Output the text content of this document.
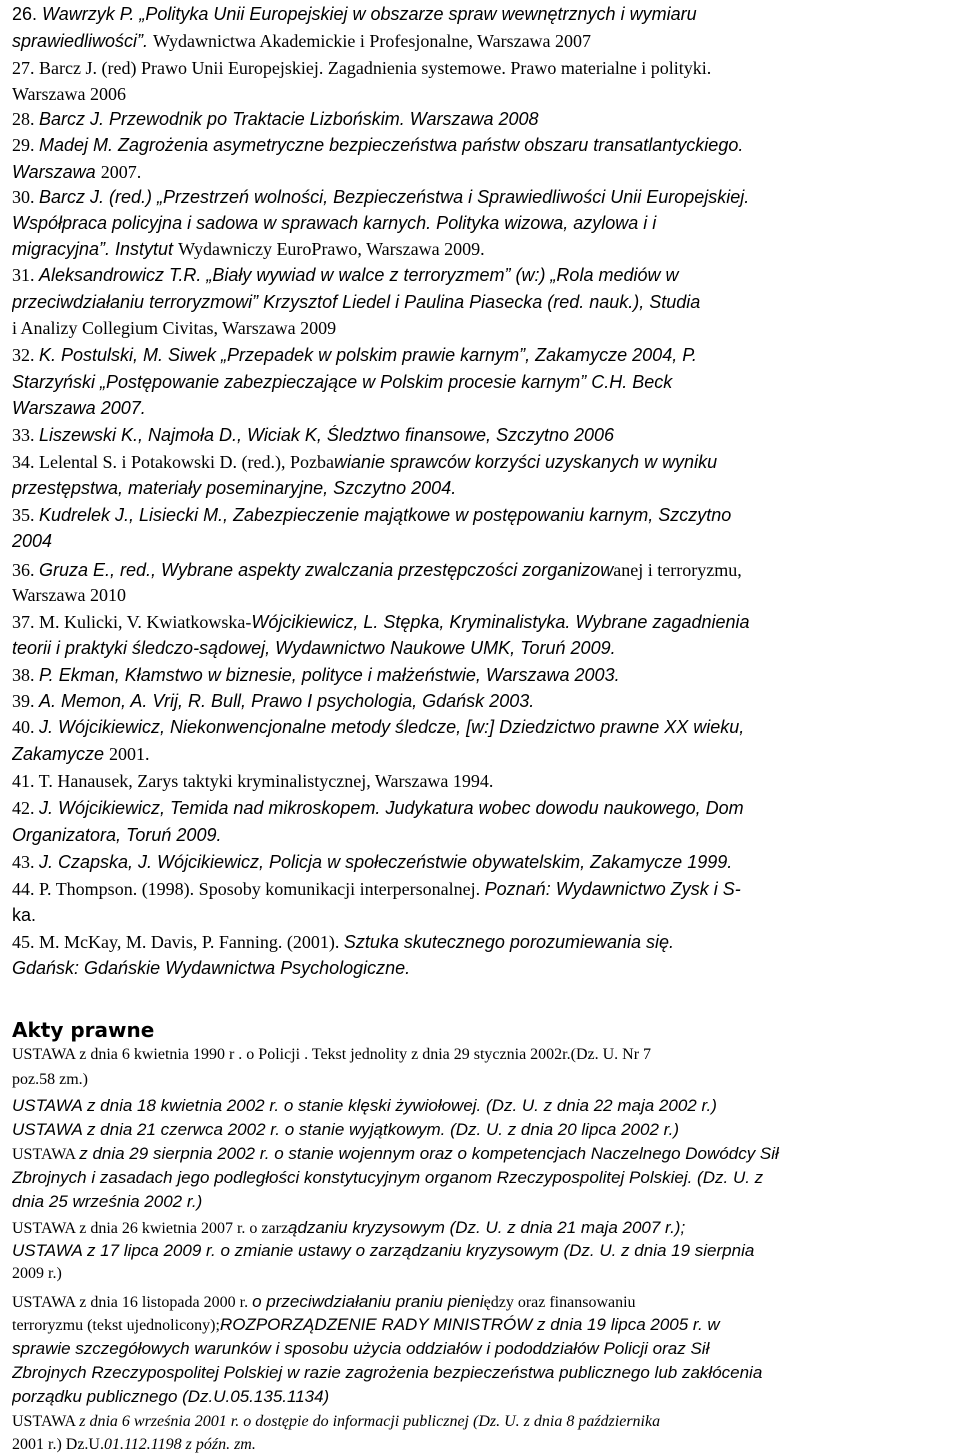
26. Wawrzyk P. „Polityka Unii Europejskiej w obszarze spraw wewnętrznych i wymiaru
sprawiedliwości”. Wydawnictwa Akademickie i Profesjonalne, Warszawa 2007
27. Barcz J. (red) Prawo Unii Europejskiej. Zagadnienia systemowe. Prawo materialne i polityki.
Warszawa 2006
28. Barcz J. Przewodnik po Traktacie Lizbońskim. Warszawa 2008
29. Madej M. Zagrożenia asymetryczne bezpieczeństwa państw obszaru transatlantyckiego.
Warszawa 2007.
30. Barcz J. (red.) „Przestrzeń wolności, Bezpieczeństwa i Sprawiedliwości Unii Europejskiej.
Współpraca policyjna i sadowa w sprawach karnych. Polityka wizowa, azylowa i i
migracyjna”. Instytut Wydawniczy EuroPrawo, Warszawa 2009.
31. Aleksandrowicz T.R. „Biały wywiad w walce z terroryzmem” (w:) „Rola mediów w
przeciwdziałaniu terroryzmowi” Krzysztof Liedel i Paulina Piasecka (red. nauk.), Studia
i Analizy Collegium Civitas, Warszawa 2009
32. K. Postulski, M. Siwek „Przepadek w polskim prawie karnym”, Zakamycze 2004, P.
Starzyński „Postępowanie zabezpieczające w Polskim procesie karnym” C.H. Beck
Warszawa 2007.
33. Liszewski K., Najmoła D., Wiciak K, Śledztwo finansowe, Szczytno 2006
34. Lelental S. i Potakowski D. (red.), Pozbawianie sprawców korzyści uzyskanych w wyniku
przestępstwa, materiały poseminaryjne, Szczytno 2004.
35. Kudrelek J., Lisiecki M., Zabezpieczenie majątkowe w postępowaniu karnym, Szczytno
2004
36. Gruza E., red., Wybrane aspekty zwalczania przestępczości zorganizowanej i terroryzmu,
Warszawa 2010
37. M. Kulicki, V. Kwiatkowska-Wójcikiewicz, L. Stępka, Kryminalistyka. Wybrane zagadnienia
teorii i praktyki śledczo-sądowej, Wydawnictwo Naukowe UMK, Toruń 2009.
38. P. Ekman, Kłamstwo w biznesie, polityce i małżeństwie, Warszawa 2003.
39. A. Memon, A. Vrij, R. Bull, Prawo I psychologia, Gdańsk 2003.
40. J. Wójcikiewicz, Niekonwencjonalne metody śledcze, [w:] Dziedzictwo prawne XX wieku,
Zakamycze 2001.
41. T. Hanausek, Zarys taktyki kryminalistycznej, Warszawa 1994.
42. J. Wójcikiewicz, Temida nad mikroskopem. Judykatura wobec dowodu naukowego, Dom
Organizatora, Toruń 2009.
43. J. Czapska, J. Wójcikiewicz, Policja w społeczeństwie obywatelskim, Zakamycze 1999.
44. P. Thompson. (1998). Sposoby komunikacji interpersonalnej. Poznań: Wydawnictwo Zysk i S-
ka.
45. M. McKay, M. Davis, P. Fanning. (2001). Sztuka skutecznego porozumiewania się.
Gdańsk: Gdańskie Wydawnictwa Psychologiczne.
Akty prawne
USTAWA z dnia 6 kwietnia 1990 r . o Policji . Tekst jednolity z dnia 29 stycznia 2002r.(Dz. U. Nr 7
poz.58 zm.)
USTAWA z dnia 18 kwietnia 2002 r. o stanie klęski żywiołowej. (Dz. U. z dnia 22 maja 2002 r.)
USTAWA z dnia 21 czerwca 2002 r. o stanie wyjątkowym. (Dz. U. z dnia 20 lipca 2002 r.)
USTAWA z dnia 29 sierpnia 2002 r. o stanie wojennym oraz o kompetencjach Naczelnego Dowódcy Sił
Zbrojnych i zasadach jego podległości konstytucyjnym organom Rzeczypospolitej Polskiej. (Dz. U. z
dnia 25 września 2002 r.)
USTAWA z dnia 26 kwietnia 2007 r. o zarządzaniu kryzysowym (Dz. U. z dnia 21 maja 2007 r.);
USTAWA z 17 lipca 2009 r. o zmianie ustawy o zarządzaniu kryzysowym (Dz. U. z dnia 19 sierpnia
2009 r.)
USTAWA z dnia 16 listopada 2000 r. o przeciwdziałaniu praniu pieniędzy oraz finansowaniu
terroryzmu (tekst ujednolicony);ROZPORZĄDZENIE RADY MINISTRÓW z dnia 19 lipca 2005 r. w
sprawie szczegółowych warunków i sposobu użycia oddziałów i pododdziałów Policji oraz Sił
Zbrojnych Rzeczypospolitej Polskiej w razie zagrożenia bezpieczeństwa publicznego lub zakłócenia
porządku publicznego (Dz.U.05.135.1134)
USTAWA z dnia 6 września 2001 r. o dostępie do informacji publicznej (Dz. U. z dnia 8 października
2001 r.) Dz.U.01.112.1198 z późn. zm.
